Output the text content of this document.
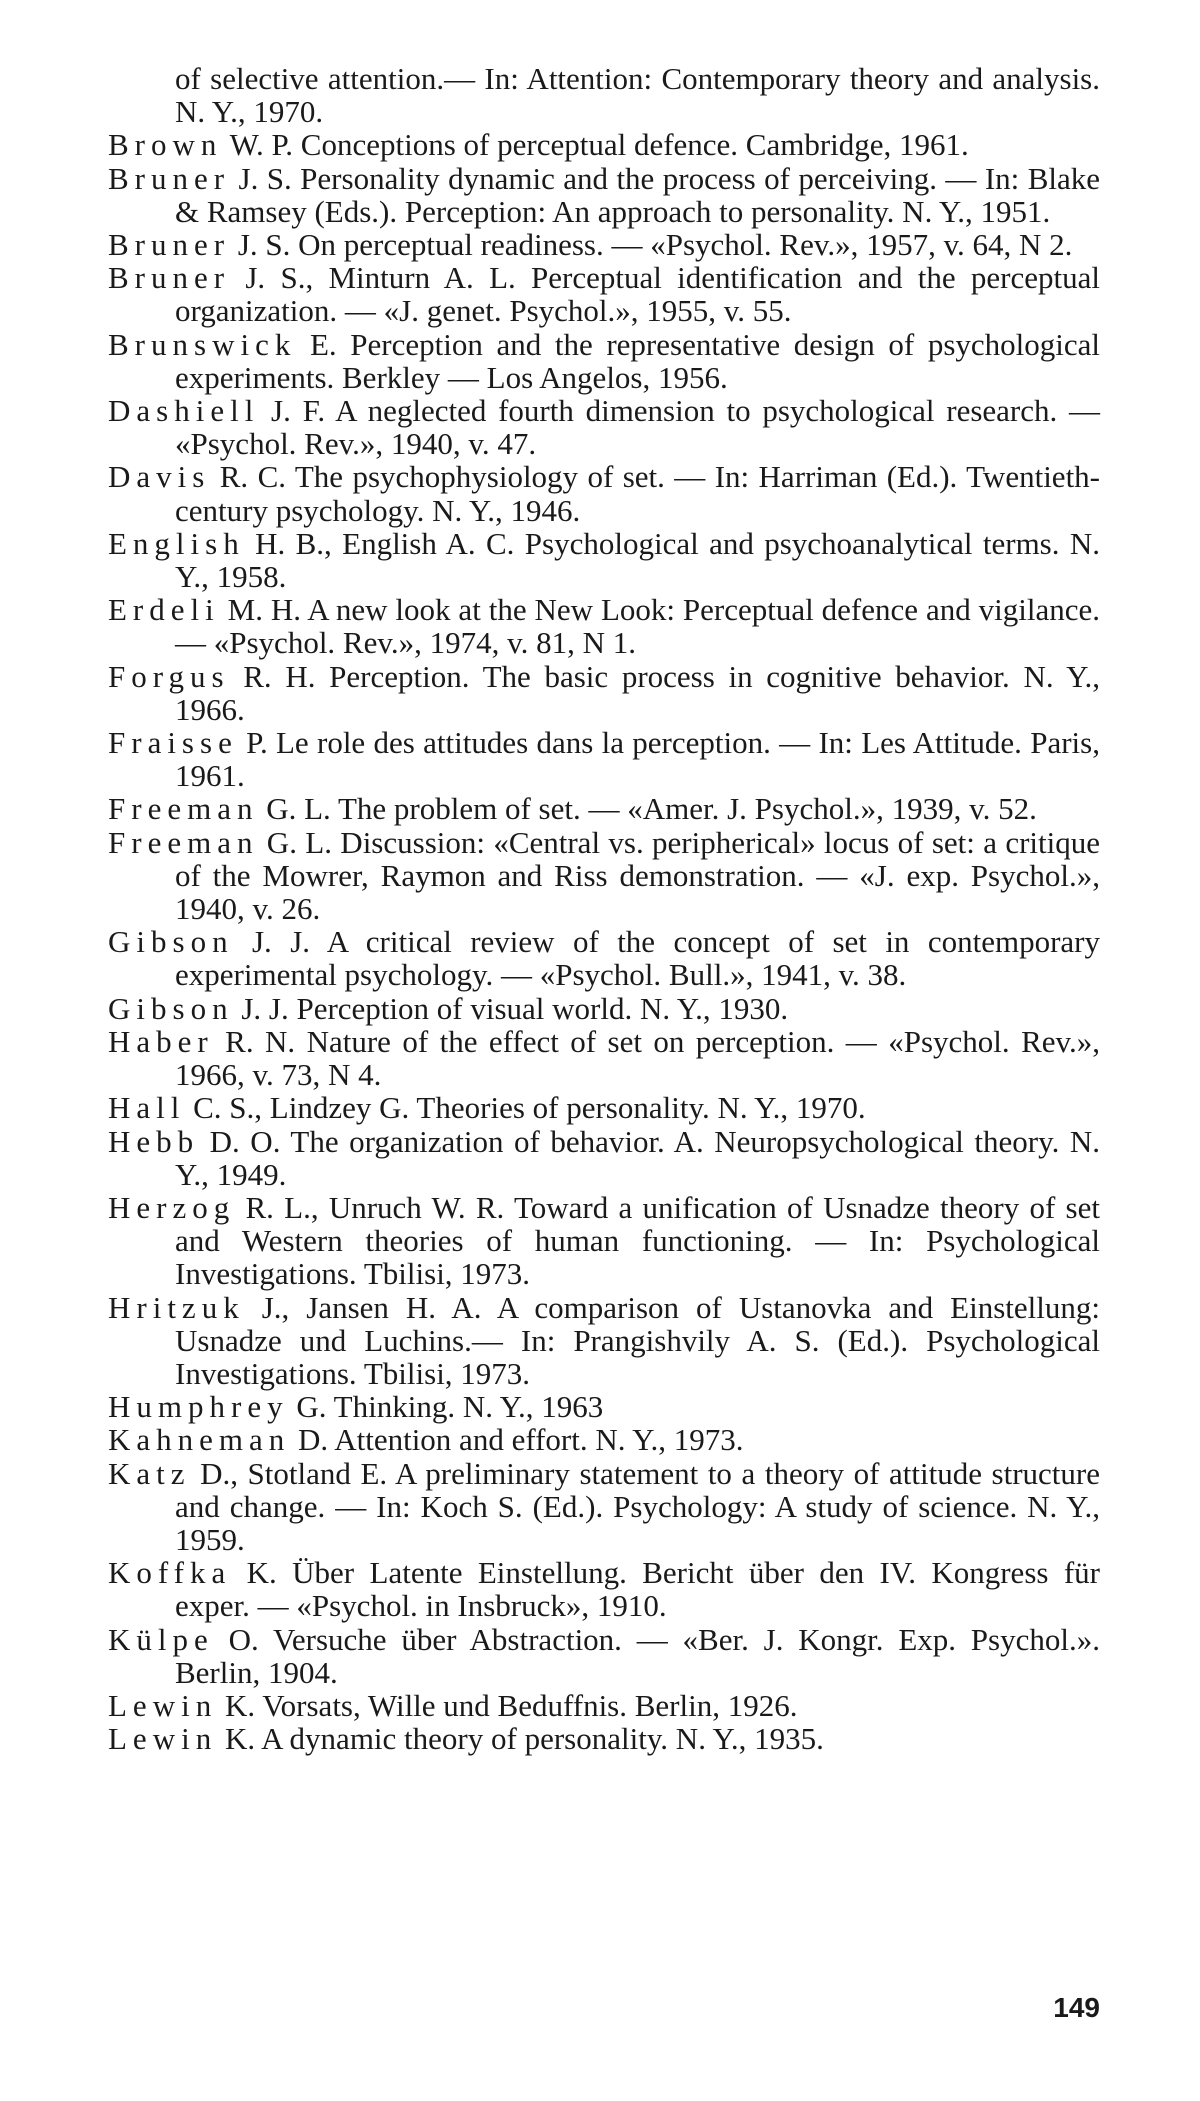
of selective attention.— In: Attention: Contemporary theory and analysis. N. Y., 1970.

Brown W. P. Conceptions of perceptual defence. Cambridge, 1961.

Bruner J. S. Personality dynamic and the process of perceiving. — In: Blake & Ramsey (Eds.). Perception: An approach to personality. N. Y., 1951.

Bruner J. S. On perceptual readiness. — «Psychol. Rev.», 1957, v. 64, N 2.

Bruner J. S., Minturn A. L. Perceptual identification and the perceptual organization. — «J. genet. Psychol.», 1955, v. 55.

Brunswick E. Perception and the representative design of psychological experiments. Berkley — Los Angelos, 1956.

Dashiell J. F. A neglected fourth dimension to psychological research. — «Psychol. Rev.», 1940, v. 47.

Davis R. C. The psychophysiology of set. — In: Harriman (Ed.). Twentieth-century psychology. N. Y., 1946.

English H. B., English A. C. Psychological and psychoanalytical terms. N. Y., 1958.

Erdeli M. H. A new look at the New Look: Perceptual defence and vigilance. — «Psychol. Rev.», 1974, v. 81, N 1.

Forgus R. H. Perception. The basic process in cognitive behavior. N. Y., 1966.

Fraisse P. Le role des attitudes dans la perception. — In: Les Attitude. Paris, 1961.

Freeman G. L. The problem of set. — «Amer. J. Psychol.», 1939, v. 52.

Freeman G. L. Discussion: «Central vs. peripherical» locus of set: a critique of the Mowrer, Raymon and Riss demonstration. — «J. exp. Psychol.», 1940, v. 26.

Gibson J. J. A critical review of the concept of set in contemporary experimental psychology. — «Psychol. Bull.», 1941, v. 38.

Gibson J. J. Perception of visual world. N. Y., 1930.

Haber R. N. Nature of the effect of set on perception. — «Psychol. Rev.», 1966, v. 73, N 4.

Hall C. S., Lindzey G. Theories of personality. N. Y., 1970.

Hebb D. O. The organization of behavior. A. Neuropsychological theory. N. Y., 1949.

Herzog R. L., Unruch W. R. Toward a unification of Usnadze theory of set and Western theories of human functioning. — In: Psychological Investigations. Tbilisi, 1973.

Hritzuk J., Jansen H. A. A comparison of Ustanovka and Einstellung: Usnadze und Luchins.— In: Prangishvily A. S. (Ed.). Psychological Investigations. Tbilisi, 1973.

Humphrey G. Thinking. N. Y., 1963

Kahneman D. Attention and effort. N. Y., 1973.

Katz D., Stotland E. A preliminary statement to a theory of attitude structure and change. — In: Koch S. (Ed.). Psychology: A study of science. N. Y., 1959.

Koffka K. Über Latente Einstellung. Bericht über den IV. Kongress für exper. — «Psychol. in Insbruck», 1910.

Külpe O. Versuche über Abstraction. — «Ber. J. Kongr. Exp. Psychol.». Berlin, 1904.

Lewin K. Vorsats, Wille und Beduffnis. Berlin, 1926.

Lewin K. A dynamic theory of personality. N. Y., 1935.

149
